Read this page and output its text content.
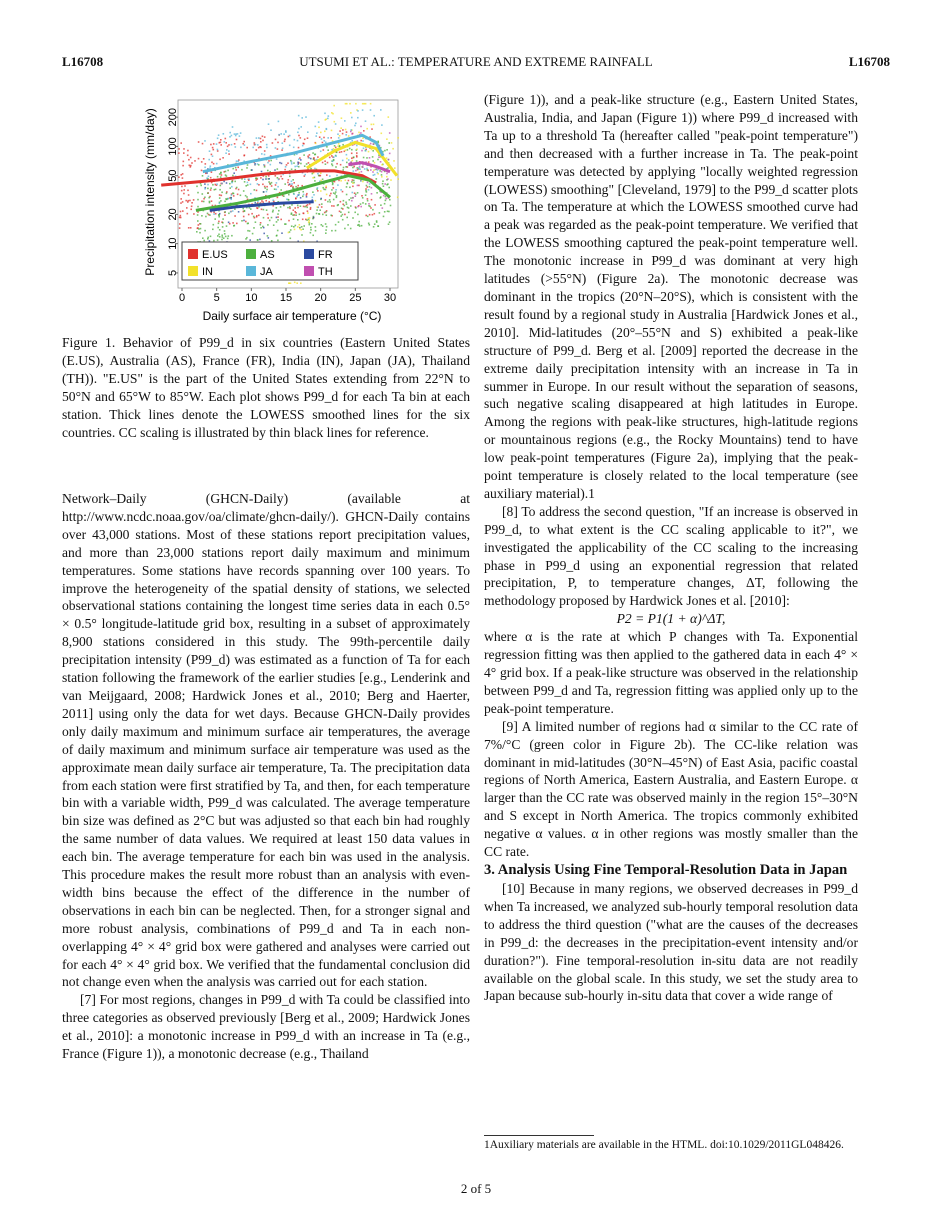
L16708	UTSUMI ET AL.: TEMPERATURE AND EXTREME RAINFALL	L16708
Precipitation intensity (mm/day)
Daily surface air temperature (°C)
5
10
20
50
100
200
0	5 10 15 20 25 30
E.US	AS	FR
IN	JA	TH
Figure 1. Behavior of P99_d in six countries (Eastern United States (E.US), Australia (AS), France (FR), India (IN), Japan (JA), Thailand (TH)). "E.US" is the part of the United States extending from 22°N to 50°N and 65°W to 85°W. Each plot shows P99_d for each Ta bin at each station. Thick lines denote the LOWESS smoothed lines for the six countries. CC scaling is illustrated by thin black lines for reference.

Network–Daily (GHCN-Daily) (available at http://www.ncdc.noaa.gov/oa/climate/ghcn-daily/). GHCN-Daily contains over 43,000 stations. Most of these stations report precipitation values, and more than 23,000 stations report daily maximum and minimum temperatures. Some stations have records spanning over 100 years. To improve the heterogeneity of the spatial density of stations, we selected observational stations containing the longest time series data in each 0.5° × 0.5° longitude-latitude grid box, resulting in a subset of approximately 8,900 stations considered in this study. The 99th-percentile daily precipitation intensity (P99_d) was estimated as a function of Ta for each station following the framework of the earlier studies [e.g., Lenderink and van Meijgaard, 2008; Hardwick Jones et al., 2010; Berg and Haerter, 2011] using only the data for wet days. Because GHCN-Daily provides only daily maximum and minimum surface air temperatures, the average of daily maximum and minimum surface air temperature was used as the approximate mean daily surface air temperature, Ta. The precipitation data from each station were first stratified by Ta, and then, for each temperature bin with a variable width, P99_d was calculated. The average temperature bin size was defined as 2°C but was adjusted so that each bin had roughly the same number of data values. We required at least 150 data values in each bin. The average temperature for each bin was used in the analysis. This procedure makes the result more robust than an analysis with even-width bins because the effect of the difference in the number of observations in each bin can be neglected. Then, for a stronger signal and more robust analysis, combinations of P99_d and Ta in each non-overlapping 4° × 4° grid box were gathered and analyses were carried out for each 4° × 4° grid box. We verified that the fundamental conclusion did not change even when the analysis was carried out for each station.

[7] For most regions, changes in P99_d with Ta could be classified into three categories as observed previously [Berg et al., 2009; Hardwick Jones et al., 2010]: a monotonic increase in P99_d with an increase in Ta (e.g., France (Figure 1)), a monotonic decrease (e.g., Thailand

(Figure 1)), and a peak-like structure (e.g., Eastern United States, Australia, India, and Japan (Figure 1)) where P99_d increased with Ta up to a threshold Ta (hereafter called "peak-point temperature") and then decreased with a further increase in Ta. The peak-point temperature was detected by applying "locally weighted regression (LOWESS) smoothing" [Cleveland, 1979] to the P99_d scatter plots on Ta. The temperature at which the LOWESS smoothed curve had a peak was regarded as the peak-point temperature. We verified that the LOWESS smoothing captured the peak-point temperature well. The monotonic increase in P99_d was dominant at very high latitudes (>55°N) (Figure 2a). The monotonic decrease was dominant in the tropics (20°N–20°S), which is consistent with the result found by a regional study in Australia [Hardwick Jones et al., 2010]. Mid-latitudes (20°–55°N and S) exhibited a peak-like structure of P99_d. Berg et al. [2009] reported the decrease in the extreme daily precipitation intensity with an increase in Ta in summer in Europe. In our result without the separation of seasons, such negative scaling disappeared at high latitudes in Europe. Among the regions with peak-like structures, high-latitude regions or mountainous regions (e.g., the Rocky Mountains) tend to have low peak-point temperatures (Figure 2a), implying that the peak-point temperature is closely related to the local temperature (see auxiliary material).1

[8] To address the second question, "If an increase is observed in P99_d, to what extent is the CC scaling applicable to it?", we investigated the applicability of the CC scaling to the increasing phase in P99_d using an exponential regression that related precipitation, P, to temperature changes, ΔT, following the methodology proposed by Hardwick Jones et al. [2010]:

P2 = P1(1 + α)^ΔT,

where α is the rate at which P changes with Ta. Exponential regression fitting was then applied to the gathered data in each 4° × 4° grid box. If a peak-like structure was observed in the relationship between P99_d and Ta, regression fitting was applied only up to the peak-point temperature.

[9] A limited number of regions had α similar to the CC rate of 7%/°C (green color in Figure 2b). The CC-like relation was dominant in mid-latitudes (30°N–45°N) of East Asia, pacific coastal regions of North America, Eastern Australia, and Eastern Europe. α larger than the CC rate was observed mainly in the region 15°–30°N and S except in North America. The tropics commonly exhibited negative α values. α in other regions was mostly smaller than the CC rate.

3. Analysis Using Fine Temporal-Resolution Data in Japan

[10] Because in many regions, we observed decreases in P99_d when Ta increased, we analyzed sub-hourly temporal resolution data to address the third question ("what are the causes of the decreases in P99_d: the decreases in the precipitation-event intensity and/or duration?"). Fine temporal-resolution in-situ data are not readily available on the global scale. In this study, we set the study area to Japan because sub-hourly in-situ data that cover a wide range of

1Auxiliary materials are available in the HTML. doi:10.1029/2011GL048426.
2 of 5
